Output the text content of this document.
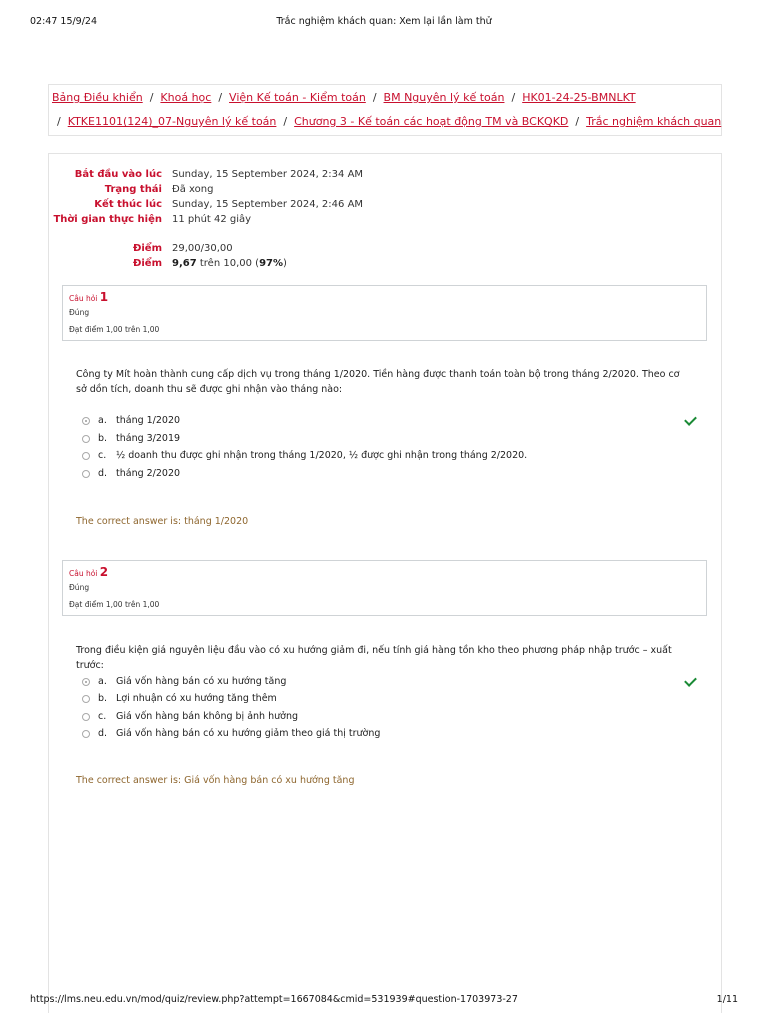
02:47 15/9/24	Trắc nghiệm khách quan: Xem lại lần làm thử
Bảng Điều khiển / Khoá học / Viện Kế toán - Kiểm toán / BM Nguyên lý kế toán / HK01-24-25-BMNLKT
/ KTKE1101(124)_07-Nguyên lý kế toán / Chương 3 - Kế toán các hoạt động TM và BCKQKD / Trắc nghiệm khách quan
Bắt đầu vào lúc Sunday, 15 September 2024, 2:34 AM
Trạng thái Đã xong
Kết thúc lúc Sunday, 15 September 2024, 2:46 AM
Thời gian thực hiện 11 phút 42 giây
Điểm 29,00/30,00
Điểm 9,67 trên 10,00 (97%)
Câu hỏi 1
Đúng
Đạt điểm 1,00 trên 1,00
Công ty Mít hoàn thành cung cấp dịch vụ trong tháng 1/2020. Tiền hàng được thanh toán toàn bộ trong tháng 2/2020. Theo cơ sở dồn tích, doanh thu sẽ được ghi nhận vào tháng nào:
a. tháng 1/2020
b. tháng 3/2019
c. ½ doanh thu được ghi nhận trong tháng 1/2020, ½ được ghi nhận trong tháng 2/2020.
d. tháng 2/2020
The correct answer is: tháng 1/2020
Câu hỏi 2
Đúng
Đạt điểm 1,00 trên 1,00
Trong điều kiện giá nguyên liệu đầu vào có xu hướng giảm đi, nếu tính giá hàng tồn kho theo phương pháp nhập trước – xuất trước:
a. Giá vốn hàng bán có xu hướng tăng
b. Lợi nhuận có xu hướng tăng thêm
c. Giá vốn hàng bán không bị ảnh hưởng
d. Giá vốn hàng bán có xu hướng giảm theo giá thị trường
The correct answer is: Giá vốn hàng bán có xu hướng tăng
https://lms.neu.edu.vn/mod/quiz/review.php?attempt=1667084&cmid=531939#question-1703973-27	1/11
